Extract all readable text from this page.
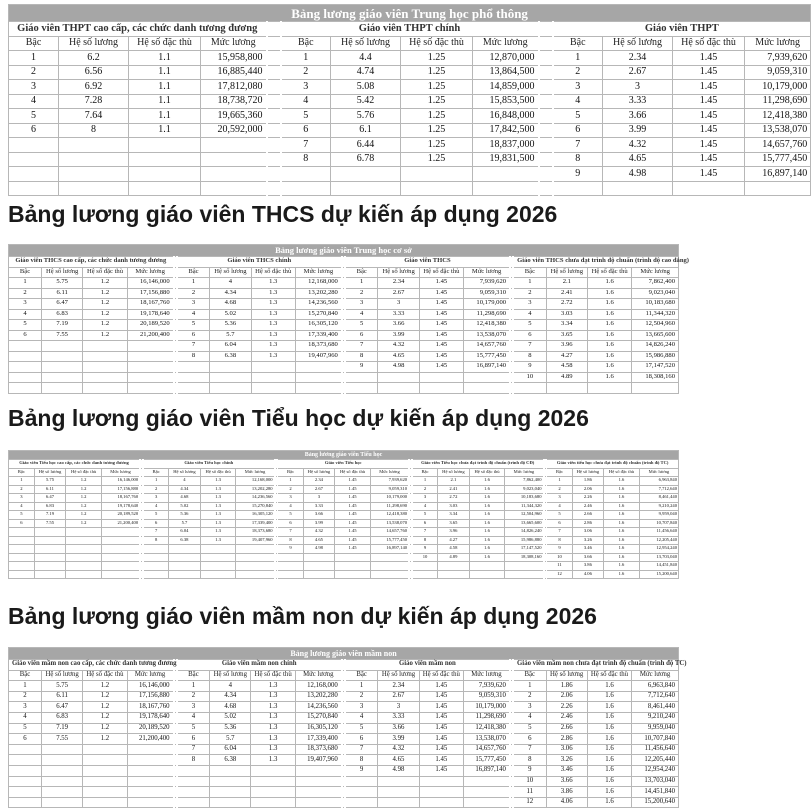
Bảng lương giáo viên Trung học phổ thông													
Giáo viên THPT cao cấp, các chức danh tương đương					Giáo viên THPT chính					Giáo viên THPT			
Bậc	Hệ số lương	Hệ số đặc thù	Mức lương		Bậc	Hệ số lương	Hệ số đặc thù	Mức lương		Bậc	Hệ số lương	Hệ số đặc thù	Mức lương
1	6.2	1.1	15,958,800		1	4.4	1.25	12,870,000		1	2.34	1.45	7,939,620
2	6.56	1.1	16,885,440		2	4.74	1.25	13,864,500		2	2.67	1.45	9,059,310
3	6.92	1.1	17,812,080		3	5.08	1.25	14,859,000		3	3	1.45	10,179,000
4	7.28	1.1	18,738,720		4	5.42	1.25	15,853,500		4	3.33	1.45	11,298,690
5	7.64	1.1	19,665,360		5	5.76	1.25	16,848,000		5	3.66	1.45	12,418,380
6	8	1.1	20,592,000		6	6.1	1.25	17,842,500		6	3.99	1.45	13,538,070
					7	6.44	1.25	18,837,000		7	4.32	1.45	14,657,760
					8	6.78	1.25	19,831,500		8	4.65	1.45	15,777,450
										9	4.98	1.45	16,897,140

Bảng lương giáo viên THCS dự kiến áp dụng 2026
Bảng lương giáo viên Trung học cơ sở																		
Giáo viên THCS cao cấp, các chức danh tương đương					Giáo viên THCS chính					Giáo viên THCS					Giáo viên THCS chưa đạt trình độ chuẩn (trình độ cao đẳng)			
Bậc	Hệ số lương	Hệ số đặc thù	Mức lương		Bậc	Hệ số lương	Hệ số đặc thù	Mức lương		Bậc	Hệ số lương	Hệ số đặc thù	Mức lương		Bậc	Hệ số lương	Hệ số đặc thù	Mức lương
1	5.75	1.2	16,146,000		1	4	1.3	12,168,000		1	2.34	1.45	7,939,620		1	2.1	1.6	7,862,400
2	6.11	1.2	17,156,880		2	4.34	1.3	13,202,280		2	2.67	1.45	9,059,310		2	2.41	1.6	9,023,040
3	6.47	1.2	18,167,760		3	4.68	1.3	14,236,560		3	3	1.45	10,179,000		3	2.72	1.6	10,183,680
4	6.83	1.2	19,178,640		4	5.02	1.3	15,270,840		4	3.33	1.45	11,298,690		4	3.03	1.6	11,344,320
5	7.19	1.2	20,189,520		5	5.36	1.3	16,305,120		5	3.66	1.45	12,418,380		5	3.34	1.6	12,504,960
6	7.55	1.2	21,200,400		6	5.7	1.3	17,339,400		6	3.99	1.45	13,538,070		6	3.65	1.6	13,665,600
					7	6.04	1.3	18,373,680		7	4.32	1.45	14,657,760		7	3.96	1.6	14,826,240
					8	6.38	1.3	19,407,960		8	4.65	1.45	15,777,450		8	4.27	1.6	15,986,880
										9	4.98	1.45	16,897,140		9	4.58	1.6	17,147,520
															10	4.89	1.6	18,308,160

Bảng lương giáo viên Tiểu học dự kiến áp dụng 2026
Bảng lương giáo viên Tiểu học																							
Giáo viên Tiểu học cao cấp, các chức danh tương đương					Giáo viên Tiểu học chính					Giáo viên Tiểu học					Giáo viên Tiểu học chưa đạt trình độ chuẩn (trình độ CĐ)					Giáo viên tiểu học chưa đạt trình độ chuẩn (trình độ TC)			
Bậc	Hệ số lương	Hệ số đặc thù	Mức lương		Bậc	Hệ số lương	Hệ số đặc thù	Mức lương		Bậc	Hệ số lương	Hệ số đặc thù	Mức lương		Bậc	Hệ số lương	Hệ số đặc thù	Mức lương		Bậc	Hệ số lương	Hệ số đặc thù	Mức lương
1	5.75	1.2	16,146,000		1	4	1.3	12,168,000		1	2.34	1.45	7,939,620		1	2.1	1.6	7,862,400		1	1.86	1.6	6,963,840
2	6.11	1.2	17,156,880		2	4.34	1.3	13,202,280		2	2.67	1.45	9,059,310		2	2.41	1.6	9,023,040		2	2.06	1.6	7,712,640
3	6.47	1.2	18,167,760		3	4.68	1.3	14,236,560		3	3	1.45	10,179,000		3	2.72	1.6	10,183,680		3	2.26	1.6	8,461,440
4	6.83	1.2	19,178,640		4	5.02	1.3	15,270,840		4	3.33	1.45	11,298,690		4	3.03	1.6	11,344,320		4	2.46	1.6	9,210,240
5	7.19	1.2	20,189,520		5	5.36	1.3	16,305,120		5	3.66	1.45	12,418,380		5	3.34	1.6	12,504,960		5	2.66	1.6	9,959,040
6	7.55	1.2	21,200,400		6	5.7	1.3	17,339,400		6	3.99	1.45	13,538,070		6	3.65	1.6	13,665,600		6	2.86	1.6	10,707,840
					7	6.04	1.3	18,373,680		7	4.32	1.45	14,657,760		7	3.96	1.6	14,826,240		7	3.06	1.6	11,456,640
					8	6.38	1.3	19,407,960		8	4.65	1.45	15,777,450		8	4.27	1.6	15,986,880		8	3.26	1.6	12,205,440
										9	4.98	1.45	16,897,140		9	4.58	1.6	17,147,520		9	3.46	1.6	12,954,240
															10	4.89	1.6	18,308,160		10	3.66	1.6	13,703,040
																				11	3.86	1.6	14,451,840
																				12	4.06	1.6	15,200,640
Bảng lương giáo viên mầm non dự kiến áp dụng 2026
Bảng lương giáo viên mầm non																		
Giáo viên mầm non cao cấp, các chức danh tương đương					Giáo viên mầm non chính					Giáo viên mầm non					Giáo viên mầm non chưa đạt trình độ chuẩn (trình độ TC)			
Bậc	Hệ số lương	Hệ số đặc thù	Mức lương		Bậc	Hệ số lương	Hệ số đặc thù	Mức lương		Bậc	Hệ số lương	Hệ số đặc thù	Mức lương		Bậc	Hệ số lương	Hệ số đặc thù	Mức lương
1	5.75	1.2	16,146,000		1	4	1.3	12,168,000		1	2.34	1.45	7,939,620		1	1.86	1.6	6,963,840
2	6.11	1.2	17,156,880		2	4.34	1.3	13,202,280		2	2.67	1.45	9,059,310		2	2.06	1.6	7,712,640
3	6.47	1.2	18,167,760		3	4.68	1.3	14,236,560		3	3	1.45	10,179,000		3	2.26	1.6	8,461,440
4	6.83	1.2	19,178,640		4	5.02	1.3	15,270,840		4	3.33	1.45	11,298,690		4	2.46	1.6	9,210,240
5	7.19	1.2	20,189,520		5	5.36	1.3	16,305,120		5	3.66	1.45	12,418,380		5	2.66	1.6	9,959,040
6	7.55	1.2	21,200,400		6	5.7	1.3	17,339,400		6	3.99	1.45	13,538,070		6	2.86	1.6	10,707,840
					7	6.04	1.3	18,373,680		7	4.32	1.45	14,657,760		7	3.06	1.6	11,456,640
					8	6.38	1.3	19,407,960		8	4.65	1.45	15,777,450		8	3.26	1.6	12,205,440
										9	4.98	1.45	16,897,140		9	3.46	1.6	12,954,240
															10	3.66	1.6	13,703,040
															11	3.86	1.6	14,451,840
															12	4.06	1.6	15,200,640
